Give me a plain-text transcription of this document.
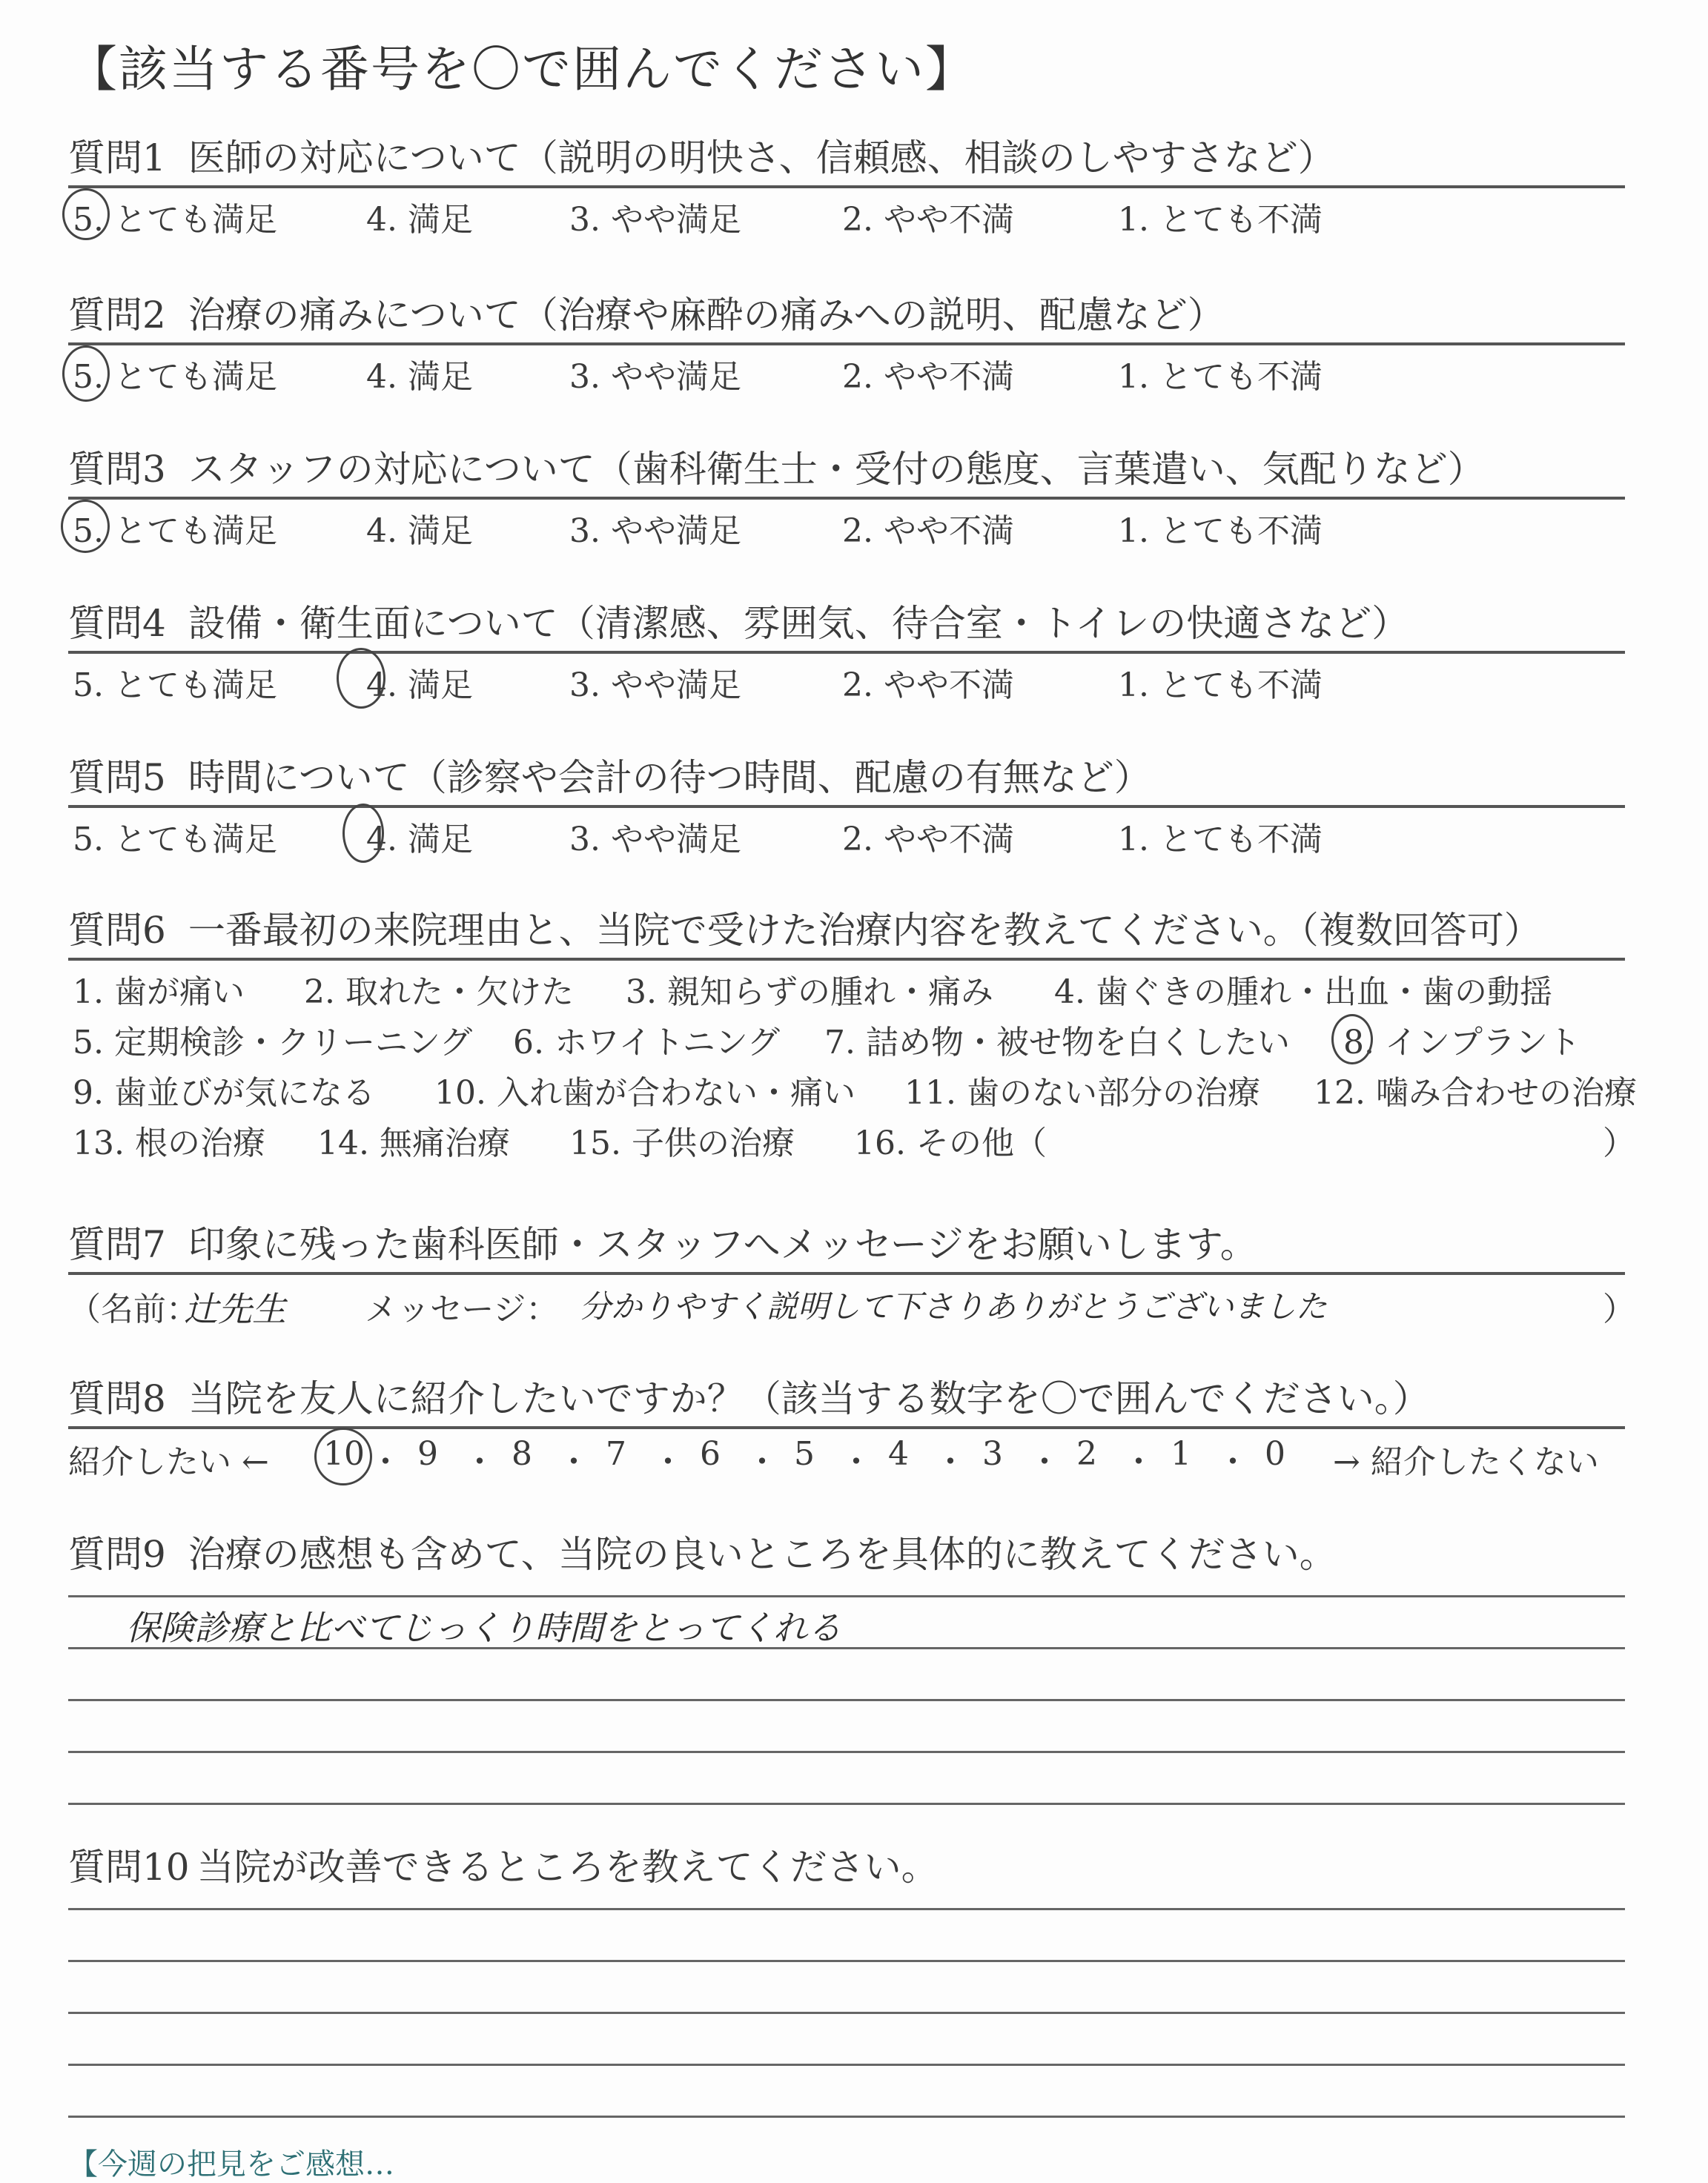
【該当する番号を〇で囲んでください】
質問1 医師の対応について（説明の明快さ、信頼感、相談のしやすさなど）
5. とても満足	4. 満足	3. やや満足	2. やや不満	1. とても不満
質問2 治療の痛みについて（治療や麻酔の痛みへの説明、配慮など）
5. とても満足	4. 満足	3. やや満足	2. やや不満	1. とても不満
質問3 スタッフの対応について（歯科衛生士・受付の態度、言葉遣い、気配りなど）
5. とても満足	4. 満足	3. やや満足	2. やや不満	1. とても不満
質問4 設備・衛生面について（清潔感、雰囲気、待合室・トイレの快適さなど）
5. とても満足	4. 満足	3. やや満足	2. やや不満	1. とても不満
質問5 時間について（診察や会計の待つ時間、配慮の有無など）
5. とても満足	4. 満足	3. やや満足	2. やや不満	1. とても不満
質問6 一番最初の来院理由と、当院で受けた治療内容を教えてください。（複数回答可）
1. 歯が痛い 2. 取れた・欠けた 3. 親知らずの腫れ・痛み 4. 歯ぐきの腫れ・出血・歯の動揺
5. 定期検診・クリーニング 6. ホワイトニング 7. 詰め物・被せ物を白くしたい 8. インプラント
9. 歯並びが気になる 10. 入れ歯が合わない・痛い 11. 歯のない部分の治療 12. 噛み合わせの治療
13. 根の治療 14. 無痛治療 15. 子供の治療 16. その他（	）
質問7 印象に残った歯科医師・スタッフへメッセージをお願いします。
（名前：
辻先生 メッセージ： 分かりやすく説明して下さりありがとうございました	）
質問8 当院を友人に紹介したいですか？（該当する数字を〇で囲んでください。）
紹介したい ←	→ 紹介したくない
10 ・ 9 ・ 8 ・ 7 ・ 6 ・ 5 ・ 4 ・ 3 ・ 2 ・ 1 ・ 0
質問9 治療の感想も含めて、当院の良いところを具体的に教えてください。
保険診療と比べてじっくり時間をとってくれる
質問10 当院が改善できるところを教えてください。
【今週の把見をご感想…
